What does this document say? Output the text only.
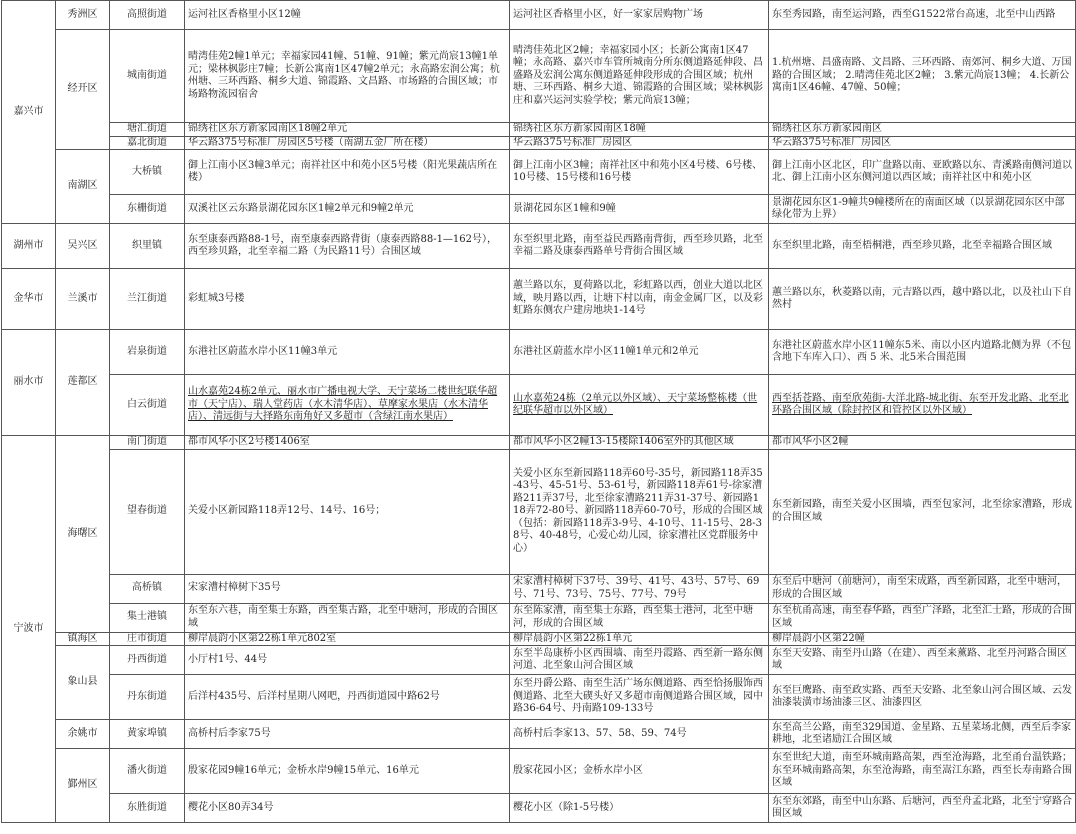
嘉兴市	秀洲区	高照街道	运河社区香格里小区12幢	运河社区香格里小区，好一家家居购物广场	东至秀园路，南至运河路，西至G1522常台高速，北至中山西路
	经开区	城南街道	晴湾佳苑2幢1单元；幸福家园41幢、51幢、91幢；紫元尚宸13幢1单元；梁林枫影庄7幢；长新公寓南1区47幢2单元；永高路宏润公寓；杭州塘、三环西路、桐乡大道、锦霞路、文昌路、市场路的合围区域；市场路物流园宿舍	晴湾佳苑北区2幢；幸福家园小区；长新公寓南1区47幢；永高路、嘉兴市车管所城南分所东侧道路延伸段、昌盛路及宏润公寓东侧道路延伸段形成的合围区域；杭州塘、三环西路、桐乡大道、锦霞路的合围区域；梁林枫影庄和嘉兴运河实验学校；紫元尚宸13幢；	1.杭州塘、昌盛南路、文昌路、三环西路、南郊河、桐乡大道、万国路的合围区域； 2.晴湾佳苑北区2幢； 3.紫元尚宸13幢； 4.长新公寓南1区46幢、47幢、50幢；
		塘汇街道	锦绣社区东方新家园南区18幢2单元	锦绣社区东方新家园南区18幢	锦绣社区东方新家园南区
		嘉北街道	华云路375号标准厂房园区5号楼（南湖五金厂所在楼）	华云路375号标准厂房园区	华云路375号标准厂房园区
	南湖区	大桥镇	御上江南小区3幢3单元；南祥社区中和苑小区5号楼（阳光果蔬店所在楼）	御上江南小区3幢；南祥社区中和苑小区4号楼、6号楼、10号楼、15号楼和16号楼	御上江南小区北区，印广盘路以南、亚欧路以东、青溪路南侧河道以北、御上江南小区东侧河道以西区域；南祥社区中和苑小区
		东栅街道	双溪社区云东路景湖花园东区1幢2单元和9幢2单元	景湖花园东区1幢和9幢	景湖花园东区1-9幢共9幢楼所在的南面区域（以景湖花园东区中部绿化带为上界）
湖州市	吴兴区	织里镇	东至康泰西路88-1号，南至康泰西路背街（康泰西路88-1—162号），西至珍贝路，北至幸福二路（为民路11号）合围区域	东至织里北路，南至益民西路南背街，西至珍贝路，北至幸福二路及康泰西路单号背街合围区域	东至织里北路，南至梧桐港，西至珍贝路，北至幸福路合围区域
金华市	兰溪市	兰江街道	彩虹城3号楼	蕙兰路以东，夏荷路以北，彩虹路以西，创业大道以北区域，映月路以西，让塘下村以南，南金金属厂区，以及彩虹路东侧农户建房地块1-14号	蕙兰路以东，秋菱路以南，元吉路以西，越中路以北，以及社山下自然村
丽水市	莲都区	岩泉街道	东港社区蔚蓝水岸小区11幢3单元	东港社区蔚蓝水岸小区11幢1单元和2单元	东港社区蔚蓝水岸小区11幢东5米、南以小区内道路北侧为界（不包含地下车库入口）、西 5 米、北5米合围范围
		白云街道	山水嘉苑24栋2单元、丽水市广播电视大学、天宁菜场二楼世纪联华超市（天宁店）、瑞人堂药店（水木清华店）、草摩家水果店（水木清华店）、清远街与大择路东南角好又多超市（含绿江南水果店）	山水嘉苑24栋（2单元以外区域）、天宁菜场整栋楼（世纪联华超市以外区域）	西至括苍路、南至欣苑街-大洋北路-城北街、东至开发北路、北至北环路合围区域（除封控区和管控区以外区域）
宁波市	海曙区	南门街道	都市风华小区2号楼1406室	都市风华小区2幢13-15楼除1406室外的其他区域	都市风华小区2幢
		望春街道	关爱小区新园路118弄12号、14号、16号；	关爱小区东至新园路118弄60号-35号，新园路118弄35-43号、45-51号、53-61号，新园路118弄61号-徐家漕路211弄37号，北至徐家漕路211弄31-37号、新园路118弄72-80号、新园路118弄60-70号，形成的合围区域（包括：新园路118弄3-9号、4-10号、11-15号、28-38号、40-48号，心爱心幼儿园，徐家漕社区党群服务中心）	东至新园路，南至关爱小区围墙，西至包家河，北至徐家漕路，形成的合围区域
		高桥镇	宋家漕村樟树下35号	宋家漕村樟树下37号、39号、41号、43号、57号、69号、71号、73号、75号、77号、79号	东至后中塘河（前塘河），南至宋成路，西至新园路，北至中塘河，形成的合围区域
		集士港镇	东至东六巷，南至集士东路，西至集古路，北至中塘河，形成的合围区域	东至陈家漕，南至集士东路，西至集士港河，北至中塘河，形成的合围区域	东至杭甬高速，南至春华路，西至广泽路，北至汇士路，形成的合围区域
	镇海区	庄市街道	柳岸晨韵小区第22栋1单元802室	柳岸晨韵小区第22栋1单元	柳岸晨韵小区第22幢
	象山县	丹西街道	小厅村1号、44号	东至半岛康桥小区西围墙、南至丹霞路、西至新一路东侧河道、北至象山河合围区域	东至天安路、南至丹山路（在建）、西至来薰路、北至丹河路合围区域
		丹东街道	后洋村435号、后洋村星期八网吧，丹西街道园中路62号	东至丹爵公路、南至生活广场东侧道路、西至恰扬服饰西侧道路、北至大碶头好又多超市南侧道路合围区域，园中路36-64号、丹南路109-133号	东至巨鹰路、南至政实路、西至天安路、北至象山河合围区域、云发油漆装潢市场油漆三区、油漆四区
	余姚市	黄家埠镇	高桥村后李家75号	高桥村后李家13、57、58、59、74号	东至高兰公路，南至329国道、金星路、五星菜场北侧，西至后李家耕地，北至诸励江合围区域
	鄞州区	潘火街道	殷家花园9幢16单元；金桥水岸9幢15单元、16单元	殷家花园小区；金桥水岸小区	东至世纪大道，南至环城南路高架，西至沧海路，北至甬台温铁路；东至环城南路高架，东至沧海路，南至嵩江东路，西至长寿南路合围区域
		东胜街道	樱花小区80弄34号	樱花小区（除1-5号楼）	东至东郊路，南至中山东路、后塘河，西至舟孟北路，北至宁穿路合围区域
